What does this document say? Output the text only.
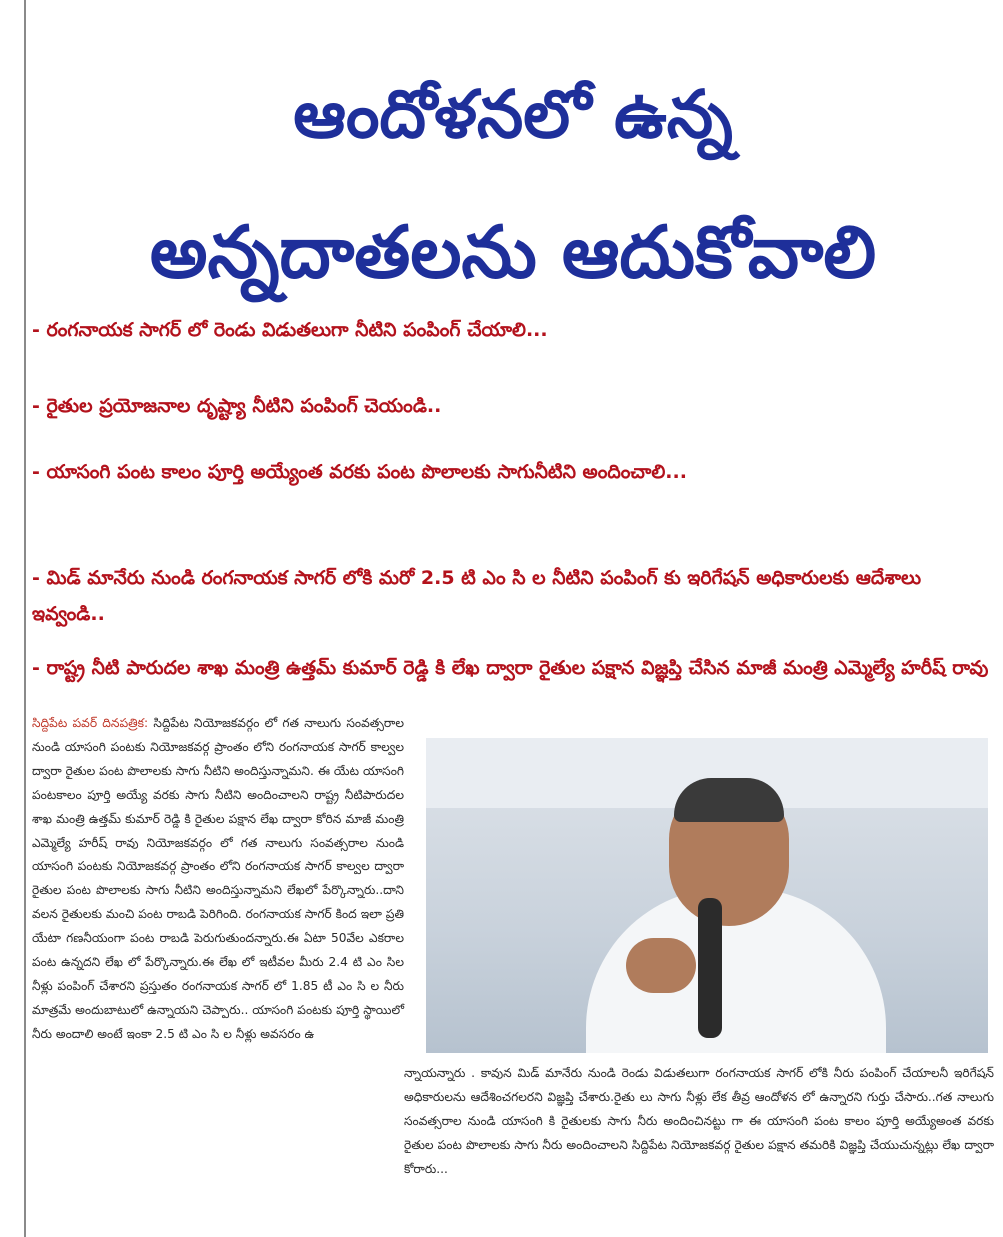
ఆందోళనలో ఉన్న
అన్నదాతలను ఆదుకోవాలి

- రంగనాయక సాగర్ లో రెండు విడుతలుగా నీటిని పంపింగ్ చేయాలి...

- రైతుల ప్రయోజనాల దృష్ట్యా నీటిని పంపింగ్ చెయండి..

- యాసంగి పంట కాలం పూర్తి అయ్యేంత వరకు పంట పొలాలకు సాగునీటిని అందించాలి...

- మిడ్ మానేరు నుండి రంగనాయక సాగర్ లోకి మరో 2.5 టి ఎం సి ల నీటిని పంపింగ్ కు ఇరిగేషన్ అధికారులకు ఆదేశాలు ఇవ్వండి..

- రాష్ట్ర నీటి పారుదల శాఖ మంత్రి ఉత్తమ్ కుమార్ రెడ్డి కి లేఖ ద్వారా రైతుల పక్షాన విజ్ఞప్తి చేసిన మాజీ మంత్రి ఎమ్మెల్యే హరీష్ రావు

సిద్దిపేట పవర్ దినపత్రిక: సిద్దిపేట నియోజకవర్గం లో గత నాలుగు సంవత్సరాల నుండి యాసంగి పంటకు నియోజకవర్గ ప్రాంతం లోని రంగనాయక సాగర్ కాల్వల ద్వారా రైతుల పంట పొలాలకు సాగు నీటిని అందిస్తున్నామని. ఈ యేట యాసంగి పంటకాలం పూర్తి అయ్యే వరకు సాగు నీటిని అందించాలని రాష్ట్ర నీటిపారుదల శాఖ మంత్రి ఉత్తమ్ కుమార్ రెడ్డి కి రైతుల పక్షాన లేఖ ద్వారా కోరిన మాజీ మంత్రి ఎమ్మెల్యే హరీష్ రావు నియోజకవర్గం లో గత నాలుగు సంవత్సరాల నుండి యాసంగి పంటకు నియోజకవర్గ ప్రాంతం లోని రంగనాయక సాగర్ కాల్వల ద్వారా రైతుల పంట పొలాలకు సాగు నీటిని అందిస్తున్నామని లేఖలో పేర్కొన్నారు..దాని వలన రైతులకు మంచి పంట రాబడి పెరిగింది. రంగనాయక సాగర్ కింద ఇలా ప్రతి యేటా గణనీయంగా పంట రాబడి పెరుగుతుందన్నారు.ఈ ఏటా 50వేల ఎకరాల పంట ఉన్నదని లేఖ లో పేర్కొన్నారు.ఈ లేఖ లో ఇటీవల మీరు 2.4 టి ఎం సిల నీళ్లు పంపింగ్ చేశారని ప్రస్తుతం రంగనాయక సాగర్ లో 1.85 టీ ఎం సి ల నీరు మాత్రమే అందుబాటులో ఉన్నాయని చెప్పారు.. యాసంగి పంటకు పూర్తి స్థాయిలో నీరు అందాలి అంటే ఇంకా 2.5 టి ఎం సి ల నీళ్లు అవసరం ఉ
న్నాయన్నారు . కావున మిడ్ మానేరు నుండి రెండు విడుతలుగా రంగనాయక సాగర్ లోకి నీరు పంపింగ్ చేయాలనీ ఇరిగేషన్ అధికారులను ఆదేశించగలరని విజ్ఞప్తి చేశారు.రైతు లు సాగు నీళ్లు లేక తీవ్ర ఆందోళన లో ఉన్నారని గుర్తు చేసారు..గత నాలుగు సంవత్సరాల నుండి యాసంగి కి రైతులకు సాగు నీరు అందించినట్టు గా ఈ యాసంగి పంట కాలం పూర్తి అయ్యేఅంత వరకు రైతుల పంట పొలాలకు సాగు నీరు అందించాలని సిద్దిపేట నియోజకవర్గ రైతుల పక్షాన తమరికి విజ్ఞప్తి చేయుచున్నట్లు లేఖ ద్వారా కోరారు...
